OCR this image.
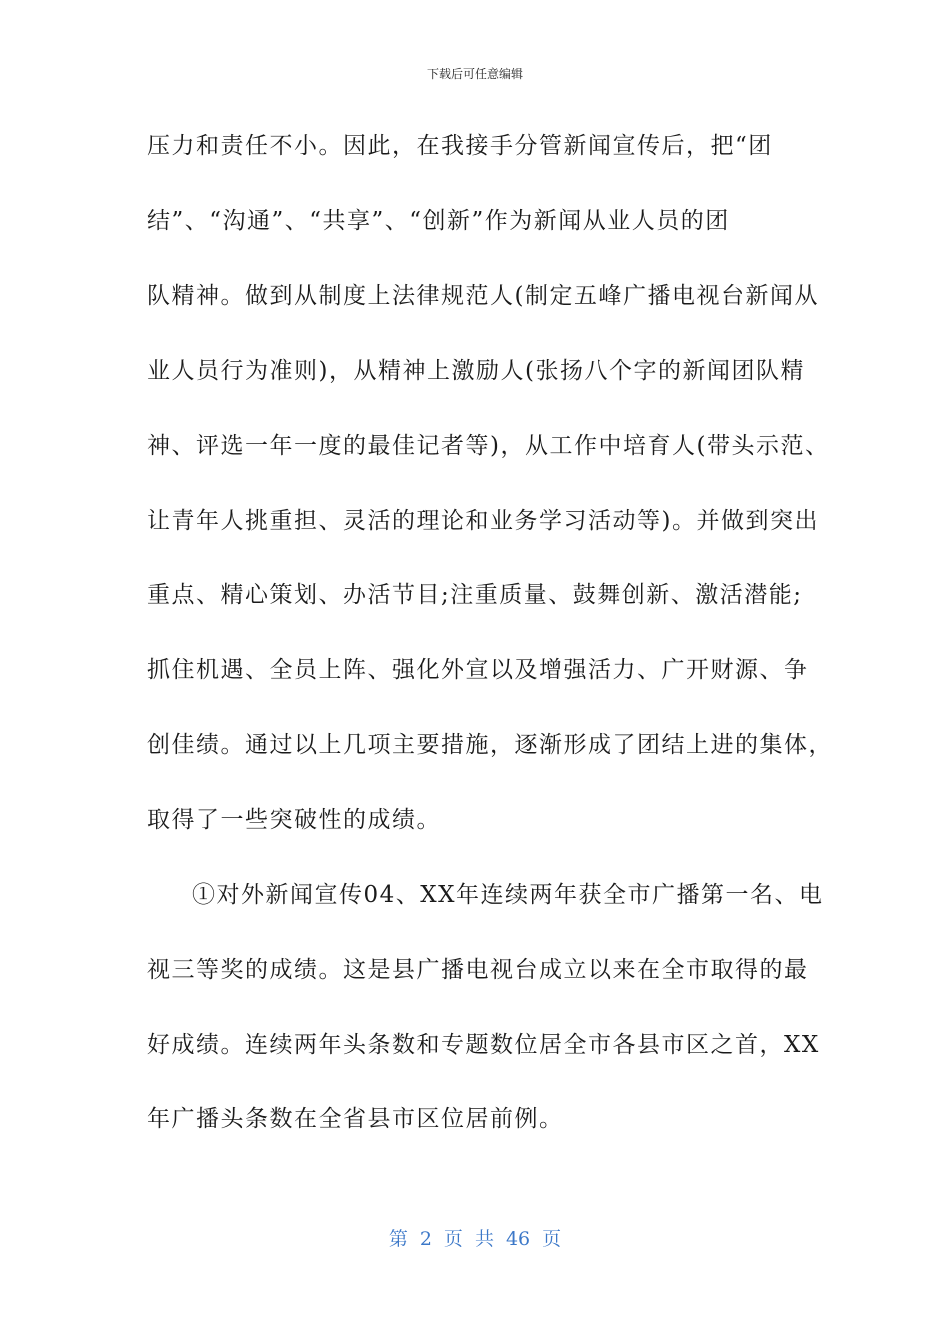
下载后可任意编辑
压力和责任不小。因此，在我接手分管新闻宣传后，把“团
结”、“沟通”、“共享”、“创新”作为新闻从业人员的团
队精神。做到从制度上法律规范人(制定五峰广播电视台新闻从
业人员行为准则)，从精神上激励人(张扬八个字的新闻团队精
神、评选一年一度的最佳记者等)，从工作中培育人(带头示范、
让青年人挑重担、灵活的理论和业务学习活动等)。并做到突出
重点、精心策划、办活节目;注重质量、鼓舞创新、激活潜能;
抓住机遇、全员上阵、强化外宣以及增强活力、广开财源、争
创佳绩。通过以上几项主要措施，逐渐形成了团结上进的集体，
取得了一些突破性的成绩。
①对外新闻宣传04、XX年连续两年获全市广播第一名、电
视三等奖的成绩。这是县广播电视台成立以来在全市取得的最
好成绩。连续两年头条数和专题数位居全市各县市区之首，XX
年广播头条数在全省县市区位居前例。
第 2 页 共 46 页
